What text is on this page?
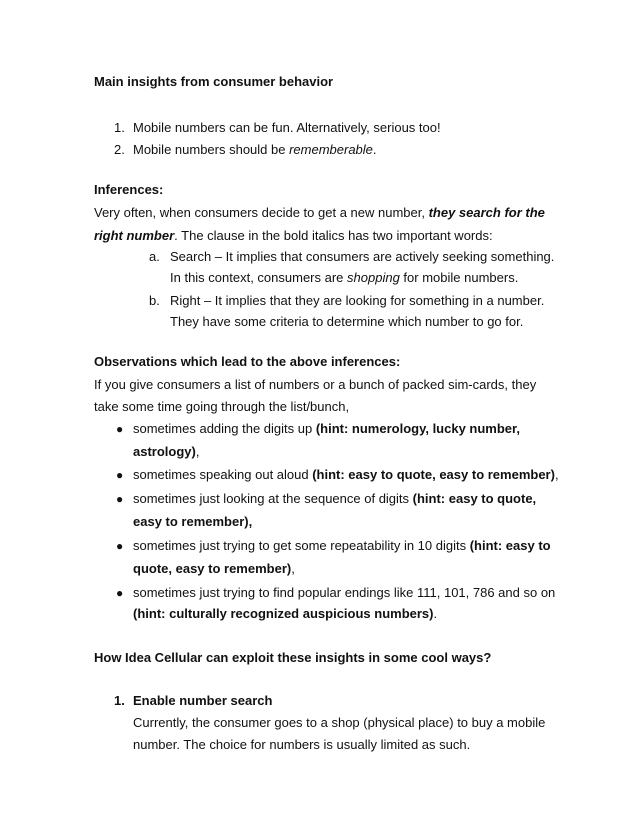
Main insights from consumer behavior
1. Mobile numbers can be fun. Alternatively, serious too!
2. Mobile numbers should be rememberable.
Inferences:
Very often, when consumers decide to get a new number, they search for the
right number. The clause in the bold italics has two important words:
a. Search – It implies that consumers are actively seeking something.
In this context, consumers are shopping for mobile numbers.
b. Right – It implies that they are looking for something in a number.
They have some criteria to determine which number to go for.
Observations which lead to the above inferences:
If you give consumers a list of numbers or a bunch of packed sim-cards, they
take some time going through the list/bunch,
● sometimes adding the digits up (hint: numerology, lucky number,
astrology),
● sometimes speaking out aloud (hint: easy to quote, easy to remember),
● sometimes just looking at the sequence of digits (hint: easy to quote,
easy to remember),
● sometimes just trying to get some repeatability in 10 digits (hint: easy to
quote, easy to remember),
● sometimes just trying to find popular endings like 111, 101, 786 and so on
(hint: culturally recognized auspicious numbers).
How Idea Cellular can exploit these insights in some cool ways?
1. Enable number search
Currently, the consumer goes to a shop (physical place) to buy a mobile
number. The choice for numbers is usually limited as such.
